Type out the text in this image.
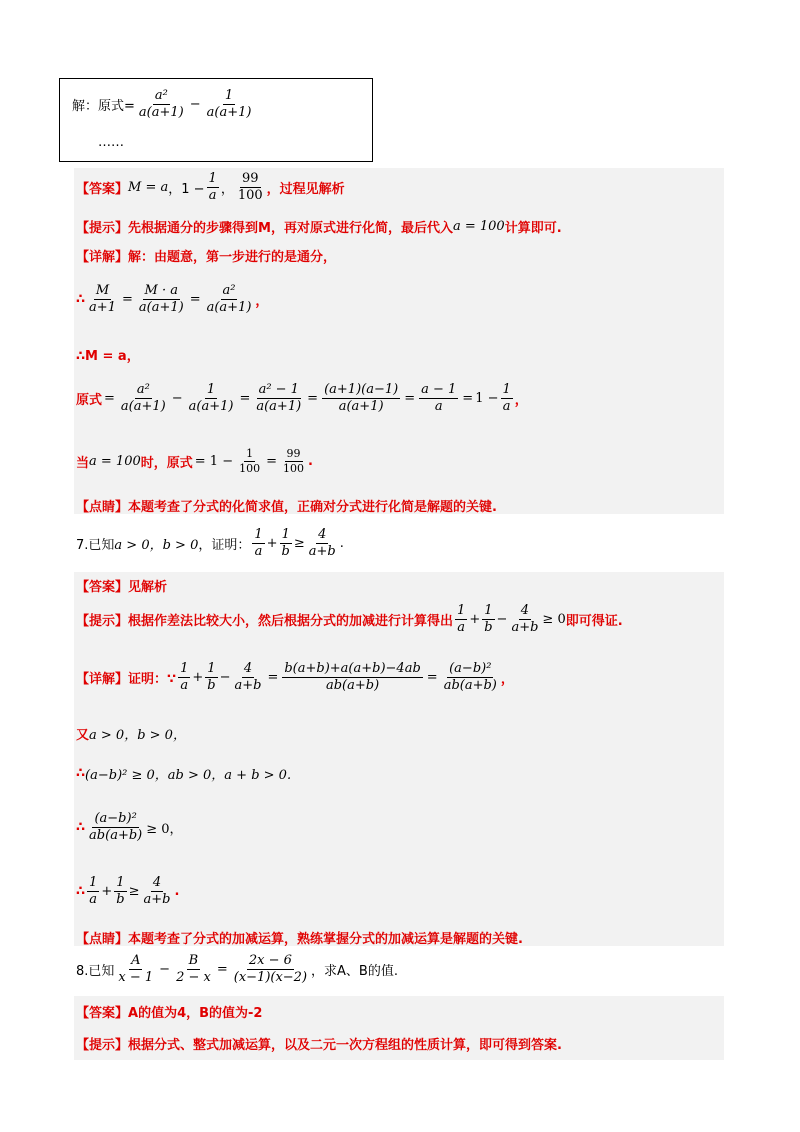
解：原式= $\frac{\text{a²}}{a(a+1)} - \frac{1}{a(a+1)}$
……
【答案】 M = a ，$1 - \frac{1}{a}$ ， $\frac{99}{100}$ ，过程见解析
【提示】 先根据通分的步骤得到M，再对原式进行化简，最后代入 a = 100 计算即可.
【详解】 解：由题意，第一步进行的是通分，
∴ $\frac{M}{a+1} = \frac{M \cdot a}{a(a+1)} = \frac{\text{a²}}{a(a+1)}$ ，
∴M = a，
原式 = $\frac{\text{a²}}{a(a+1)} - \frac{1}{a(a+1)} = \frac{\text{a² − 1}}{a(a+1)} = \frac{(a+1)(a-1)}{a(a+1)} = \frac{a - 1}{a} = 1 - \frac{1}{a}$ ，
当 a = 100 时，原式 = $1 - \frac{1}{100} = \frac{99}{100}$ .
【点睛】 本题考查了分式的化简求值，正确对分式进行化简是解题的关键.
7.已知 a > 0，b > 0 ，证明： $\frac{1}{a} + \frac{1}{b} \ge \frac{4}{a+b}$ .
【答案】 见解析
【提示】 根据作差法比较大小，然后根据分式的加减进行计算得出 $\frac{1}{a} + \frac{1}{b} - \frac{4}{a+b} \ge 0$ 即可得证.
【详解】 证明：∵ $\frac{1}{a} + \frac{1}{b} - \frac{4}{a+b} = \frac{b(a+b)+a(a+b)-4ab}{ab(a+b)} = \frac{\text{(a−b)²}}{ab(a+b)}$ ，
又 a > 0，b > 0，
∴ (a−b)² ≥ 0，ab > 0，a + b > 0.
∴ $\frac{\text{(a−b)²}}{ab(a+b)} \ge 0$，
∴ $\frac{1}{a} + \frac{1}{b} \ge \frac{4}{a+b}$ .
【点睛】 本题考查了分式的加减运算，熟练掌握分式的加减运算是解题的关键.
8.已知 $\frac{A}{x - 1} - \frac{B}{2 - x} = \frac{2x - 6}{(x-1)(x-2)}$ ，求A、B的值.
【答案】 A的值为4，B的值为-2
【提示】 根据分式、整式加减运算，以及二元一次方程组的性质计算，即可得到答案.
